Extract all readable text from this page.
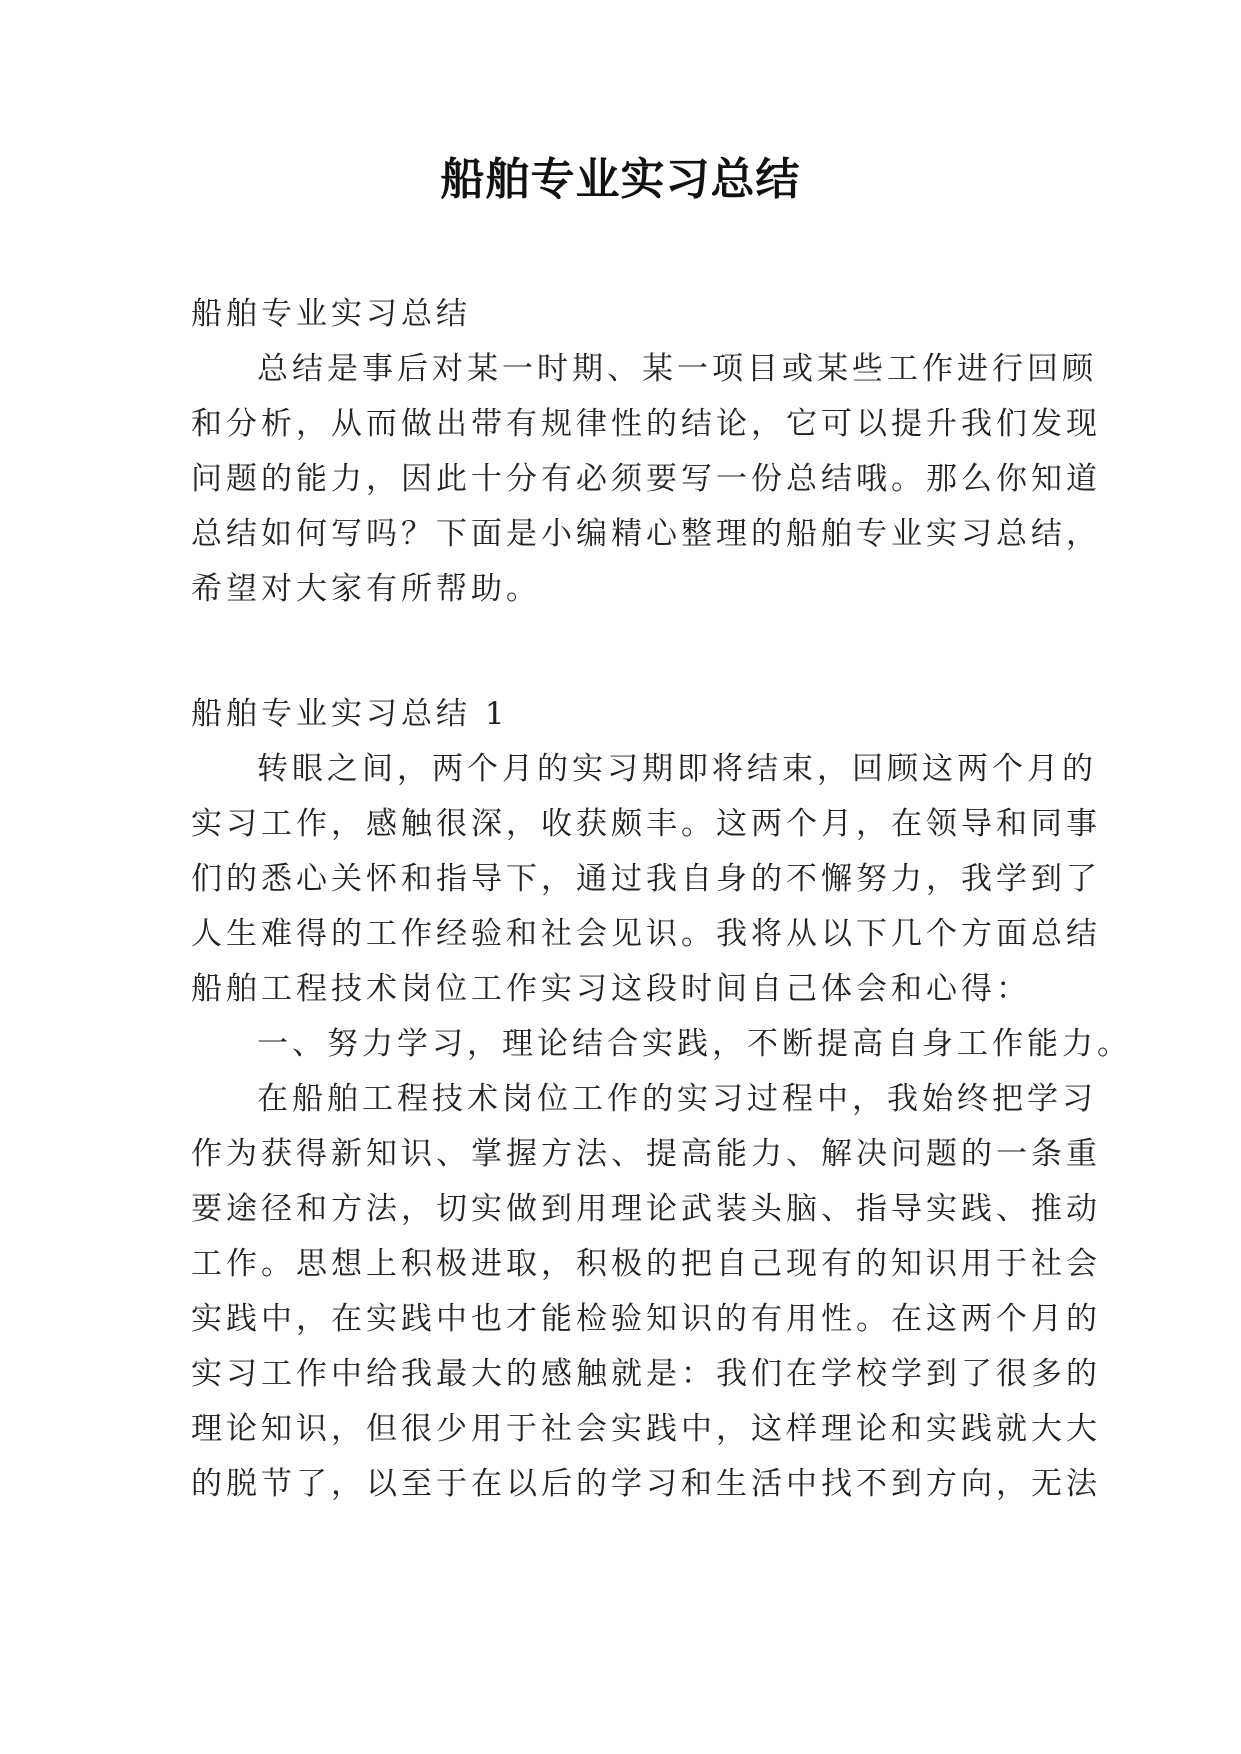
船舶专业实习总结
船舶专业实习总结
总结是事后对某一时期、某一项目或某些工作进行回顾
和分析，从而做出带有规律性的结论，它可以提升我们发现
问题的能力，因此十分有必须要写一份总结哦。那么你知道
总结如何写吗？下面是小编精心整理的船舶专业实习总结，
希望对大家有所帮助。
船舶专业实习总结 1
转眼之间，两个月的实习期即将结束，回顾这两个月的
实习工作，感触很深，收获颇丰。这两个月，在领导和同事
们的悉心关怀和指导下，通过我自身的不懈努力，我学到了
人生难得的工作经验和社会见识。我将从以下几个方面总结
船舶工程技术岗位工作实习这段时间自己体会和心得：
一、努力学习，理论结合实践，不断提高自身工作能力。
在船舶工程技术岗位工作的实习过程中，我始终把学习
作为获得新知识、掌握方法、提高能力、解决问题的一条重
要途径和方法，切实做到用理论武装头脑、指导实践、推动
工作。思想上积极进取，积极的把自己现有的知识用于社会
实践中，在实践中也才能检验知识的有用性。在这两个月的
实习工作中给我最大的感触就是：我们在学校学到了很多的
理论知识，但很少用于社会实践中，这样理论和实践就大大
的脱节了，以至于在以后的学习和生活中找不到方向，无法
